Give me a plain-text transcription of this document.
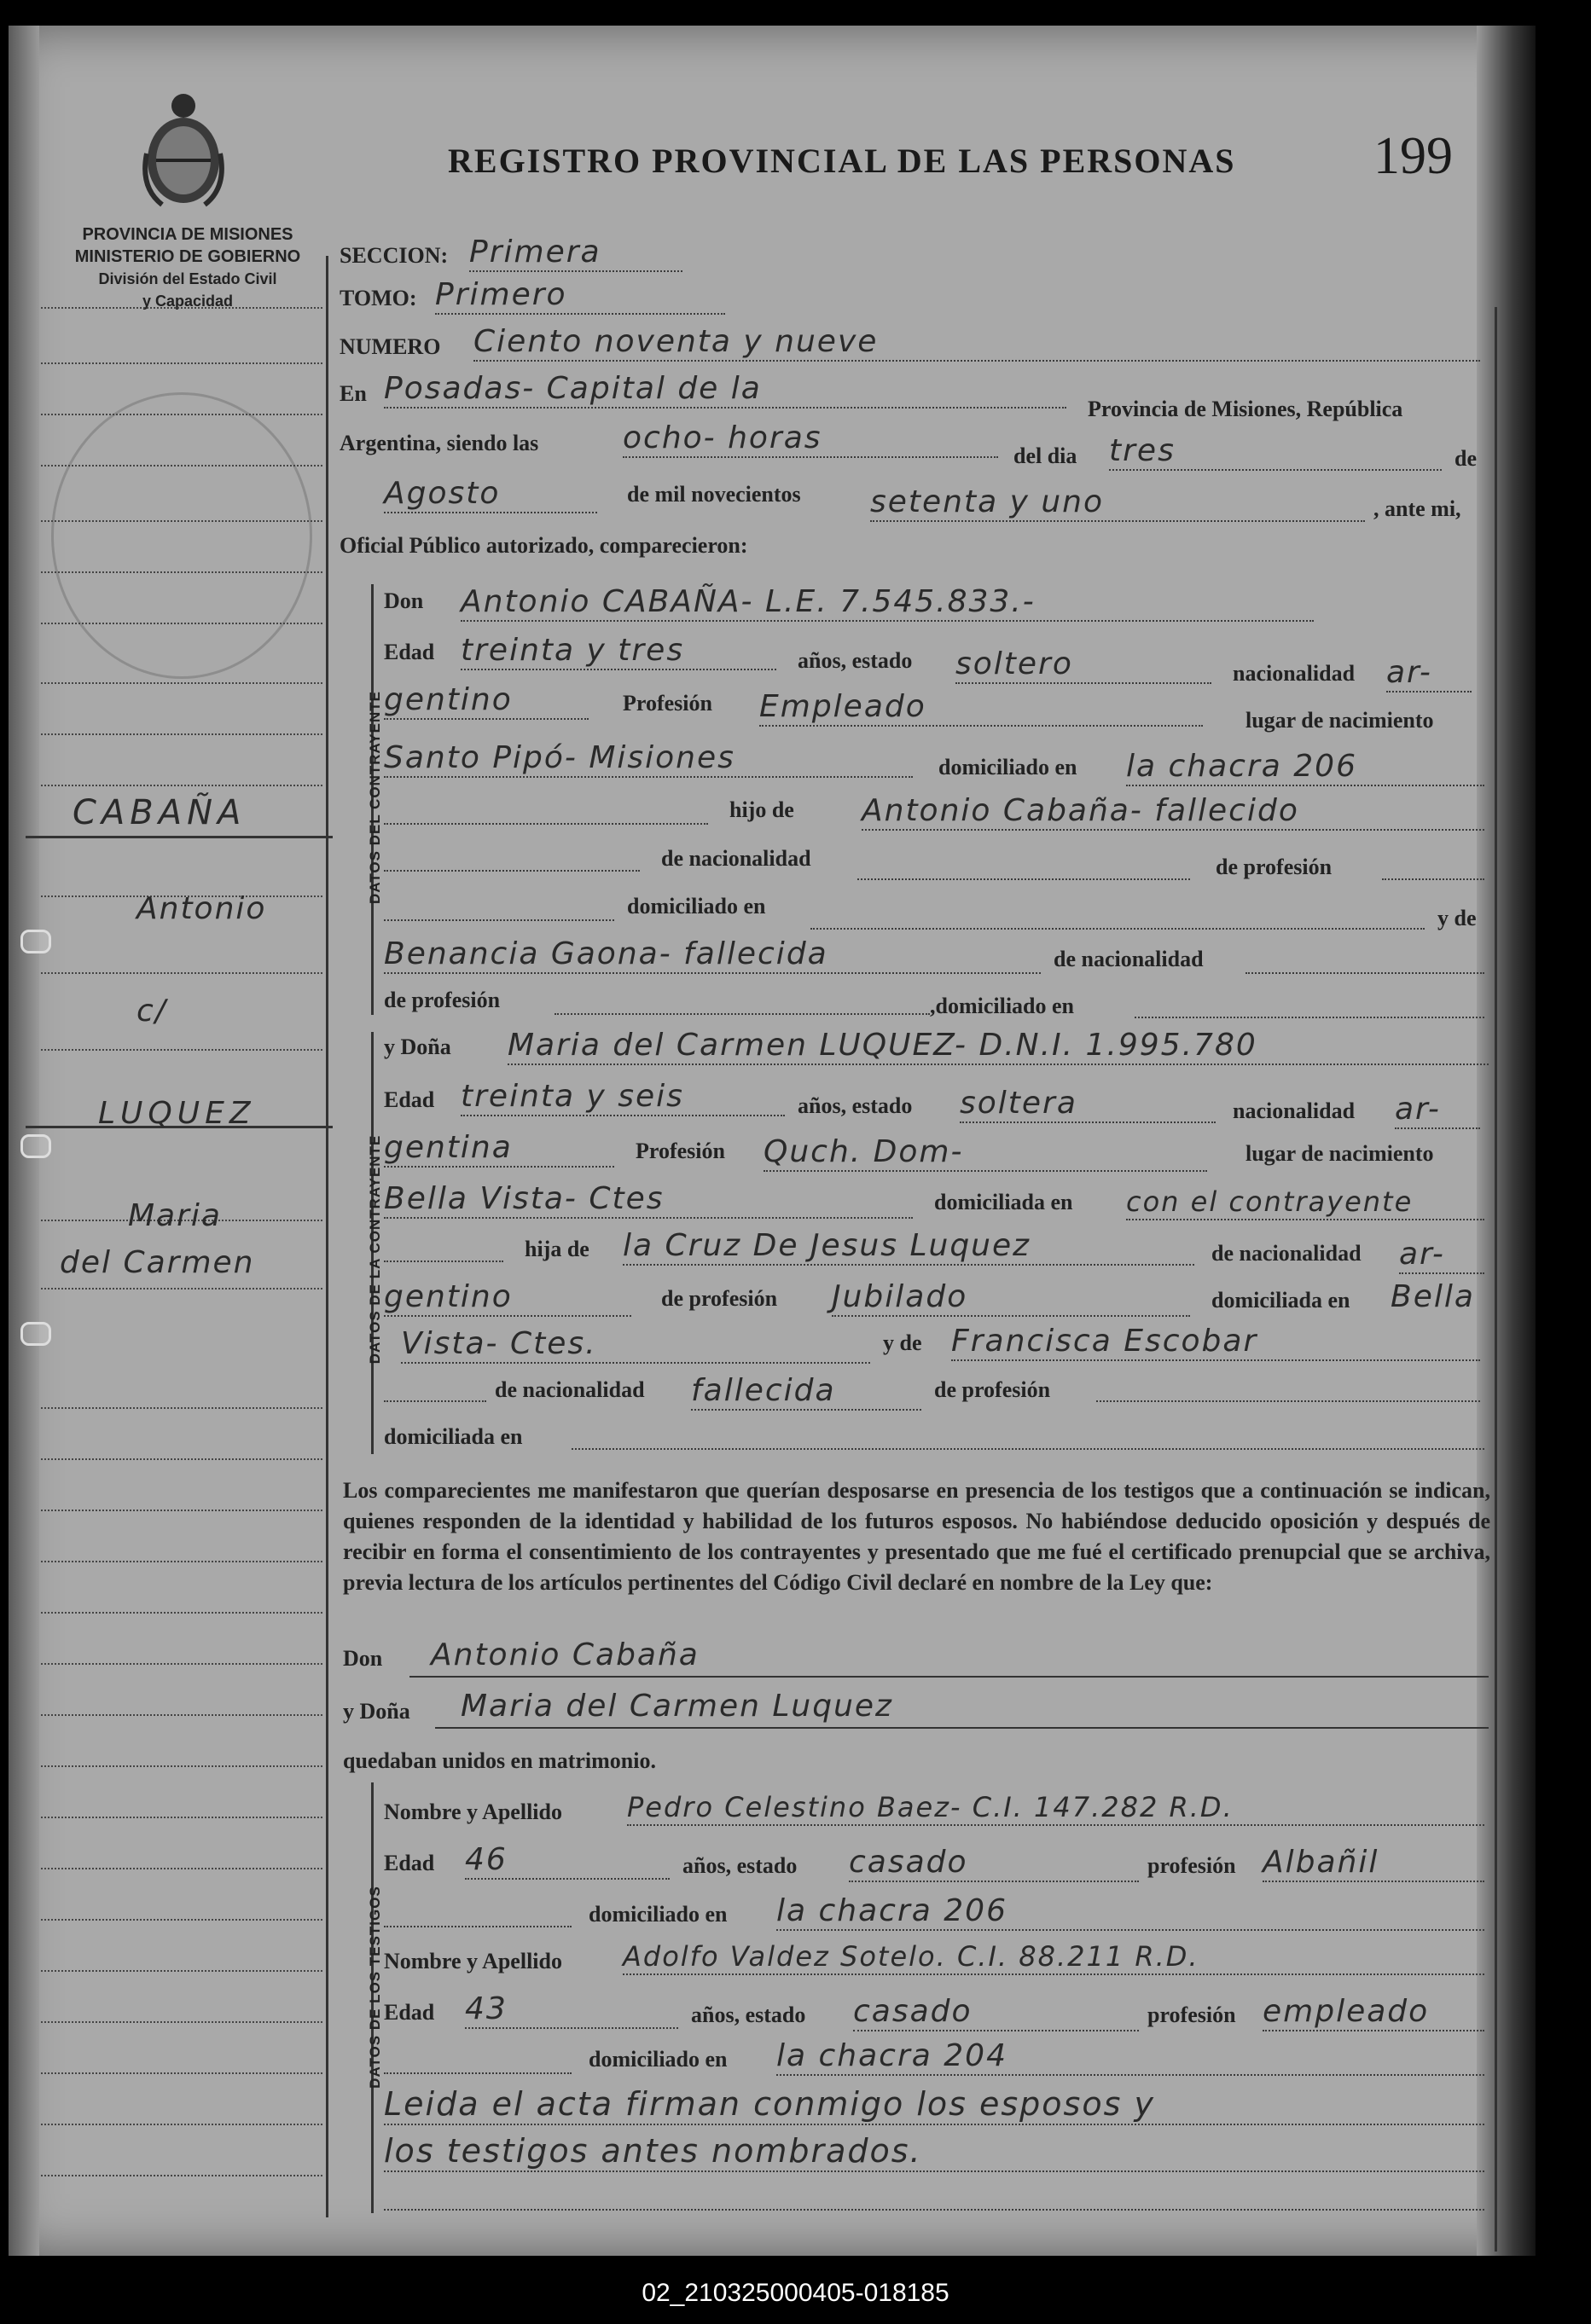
PROVINCIA DE MISIONES
MINISTERIO DE GOBIERNO
División del Estado Civil
y Capacidad
REGISTRO PROVINCIAL DE LAS PERSONAS	199
CABAÑA
Antonio
c/
LUQUEZ
Maria
del Carmen
SECCION: Primera
TOMO: Primero
NUMERO Ciento noventa y nueve
En Posadas- Capital de la
Provincia de Misiones, República
Argentina, siendo las	ocho- horas
del dia tres	de
Agosto	de mil novecientos setenta y uno	, ante mi,
Oficial Público autorizado, comparecieron:
DATOS DEL CONTRAYENTE
Don Antonio CABAÑA- L.E. 7.545.833.-
Edad treinta y tres	años, estado soltero	nacionalidad ar-
gentino	Profesión Empleado	lugar de nacimiento
Santo Pipó- Misiones	domiciliado en la chacra 206
hijo de Antonio Cabaña- fallecido
de nacionalidad	de profesión
domiciliado en	y de
Benancia Gaona- fallecida	de nacionalidad
de profesión	,domiciliado en
DATOS DE LA CONTRAYENTE
y Doña Maria del Carmen LUQUEZ- D.N.I. 1.995.780
Edad treinta y seis	años, estado soltera	nacionalidad ar-
gentina	Profesión Quch. Dom-	lugar de nacimiento
Bella Vista- Ctes	domiciliada en con el contrayente
hija de la Cruz De Jesus Luquez	de nacionalidad ar-
gentino	de profesión Jubilado	domiciliada en Bella
Vista- Ctes.	y de Francisca Escobar
de nacionalidad fallecida	de profesión
domiciliada en
Los comparecientes me manifestaron que querían desposarse en presencia de los testigos que a continuación se indican, quienes responden de la identidad y habilidad de los futuros esposos. No habiéndose deducido oposición y después de recibir en forma el consentimiento de los contrayentes y presentado que me fué el certificado prenupcial que se archiva, previa lectura de los artículos pertinentes del Código Civil declaré en nombre de la Ley que:
Don Antonio Cabaña
y Doña Maria del Carmen Luquez
quedaban unidos en matrimonio.
DATOS DE LOS TESTIGOS
Nombre y Apellido Pedro Celestino Baez- C.I. 147.282 R.D.
Edad 46	años, estado casado	profesión Albañil
domiciliado en la chacra 206
Nombre y Apellido Adolfo Valdez Sotelo. C.I. 88.211 R.D.
Edad 43	años, estado casado	profesión empleado
domiciliado en la chacra 204
Leida el acta firman conmigo los esposos y
los testigos antes nombrados.
02_210325000405-018185
